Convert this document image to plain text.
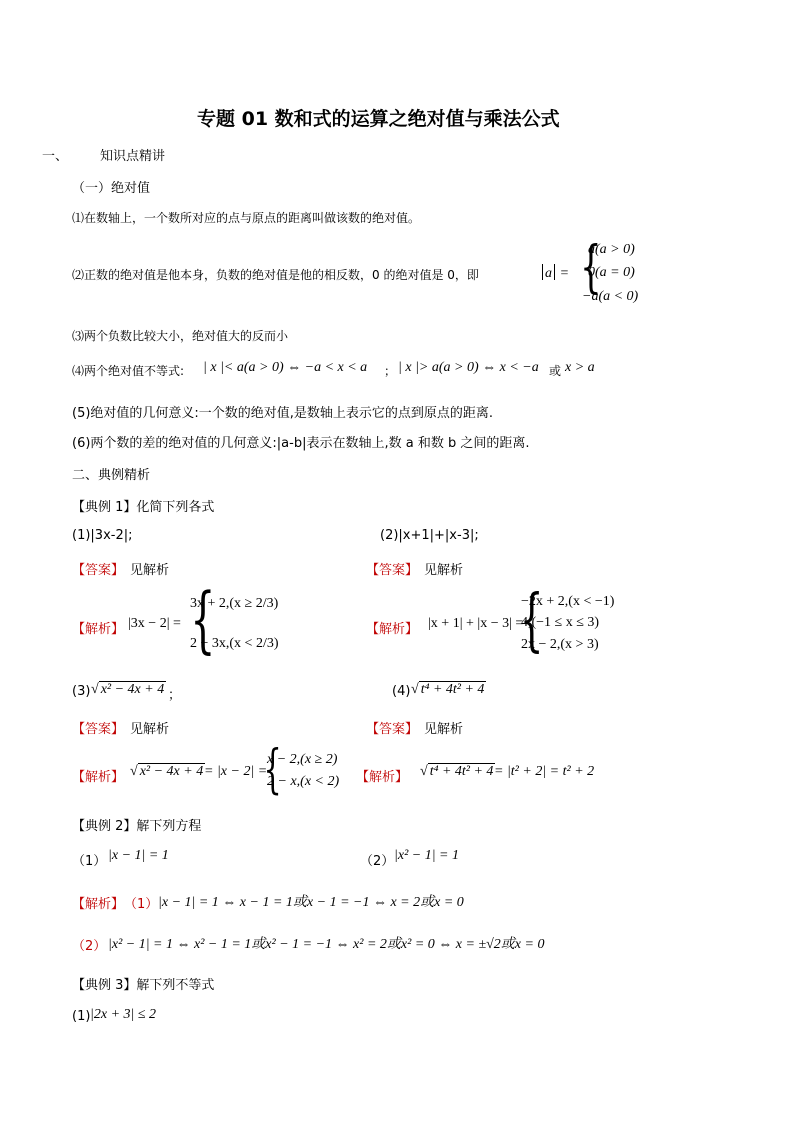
专题 01 数和式的运算之绝对值与乘法公式
一、 知识点精讲
（一）绝对值
⑴在数轴上，一个数所对应的点与原点的距离叫做该数的绝对值。
⑵正数的绝对值是他本身，负数的绝对值是他的相反数，0 的绝对值是 0，即	a = {
a(a > 0)
0(a = 0)
−a(a < 0)
⑶两个负数比较大小，绝对值大的反而小
⑷两个绝对值不等式: | x |< a(a > 0) ⇔ −a < x < a ； | x |> a(a > 0) ⇔ x < −a 或 x > a
(5)绝对值的几何意义:一个数的绝对值,是数轴上表示它的点到原点的距离.
(6)两个数的差的绝对值的几何意义:|a-b|表示在数轴上,数 a 和数 b 之间的距离.
二、典例精析
【典例 1】化简下列各式
(1)|3x-2|;	(2)|x+1|+|x-3|;
【答案】 见解析	【答案】 见解析
【解析】 |3x − 2| = {
3x + 2,(x ≥ 2/3)
2 − 3x,(x < 2/3)
【解析】 |x + 1| + |x − 3| =
{
−2x + 2,(x < −1)
4,(−1 ≤ x ≤ 3)
2x − 2,(x > 3)
(3) √ x² − 4x + 4 ；	(4) √ t⁴ + 4t² + 4
【答案】 见解析	【答案】 见解析
【解析】 √ x² − 4x + 4 = |x − 2| =
{
x − 2,(x ≥ 2)
2 − x,(x < 2) 【解析】 √ t⁴ + 4t² + 4 = |t² + 2| = t² + 2
【典例 2】解下列方程
（1） |x − 1| = 1	（2） |x² − 1| = 1
【解析】 （1） |x − 1| = 1 ⇔ x − 1 = 1或x − 1 = −1 ⇔ x = 2或x = 0
（2） |x² − 1| = 1 ⇔ x² − 1 = 1或x² − 1 = −1 ⇔ x² = 2或x² = 0 ⇔ x = ±√2或x = 0
【典例 3】解下列不等式
(1) |2x + 3| ≤ 2
